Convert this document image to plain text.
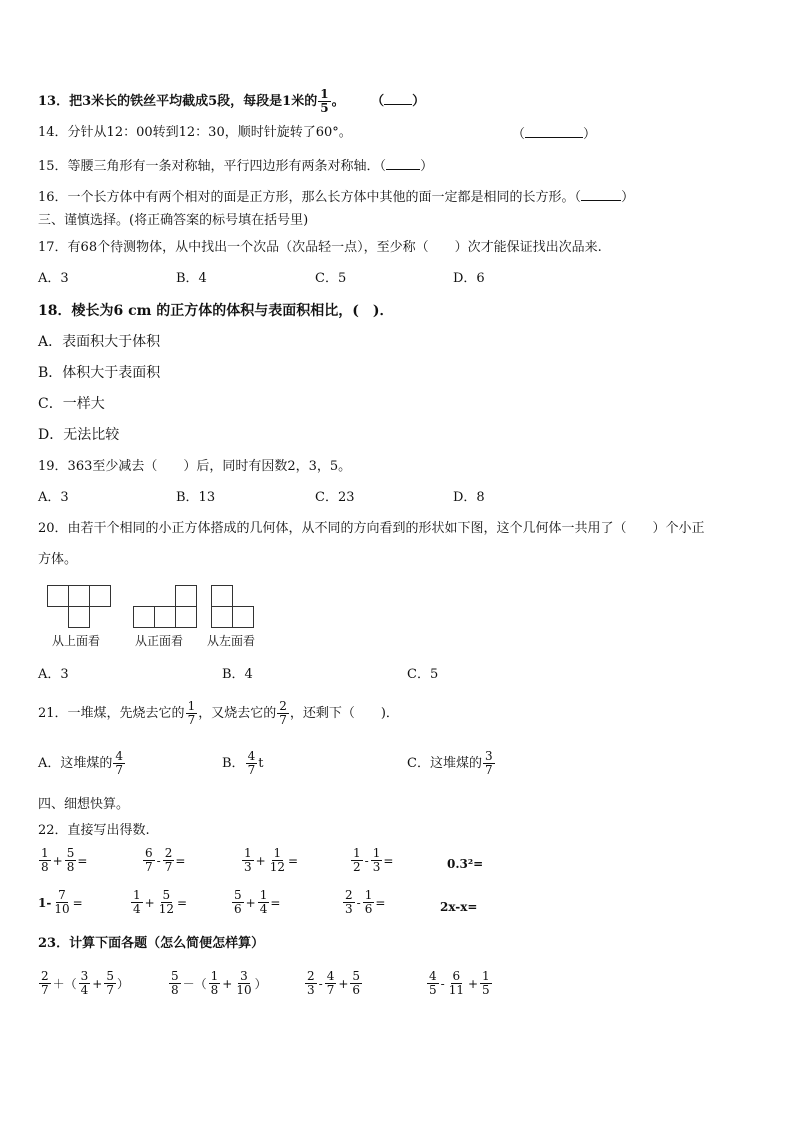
13．把3米长的铁丝平均截成5段，每段是1米的 $\frac{1}{5}$ 。 （ ）
14．分针从12：00转到12：30，顺时针旋转了60°。	（	）
15．等腰三角形有一条对称轴，平行四边形有两条对称轴．（	）
16．一个长方体中有两个相对的面是正方形，那么长方体中其他的面一定都是相同的长方形。（	）
三、谨慎选择。(将正确答案的标号填在括号里)
17．有68个待测物体，从中找出一个次品（次品轻一点），至少称（　　）次才能保证找出次品来.
A．3	B．4	C．5	D．6
18．棱长为6 cm 的正方体的体积与表面积相比，(　)．
A．表面积大于体积
B．体积大于表面积
C．一样大
D．无法比较
19．363至少减去（　　）后，同时有因数2，3，5。
A．3	B．13	C．23	D．8
20．由若干个相同的小正方体搭成的几何体，从不同的方向看到的形状如下图，这个几何体一共用了（　　）个小正
方体。
从上面看	从正面看 从左面看
A．3	B．4	C．5
21．一堆煤，先烧去它的 $\frac{1}{7}$ ，又烧去它的 $\frac{2}{7}$ ，还剩下（　　)．
A．这堆煤的 $\frac{4}{7}$	B． $\frac{4}{7}$ t	C．这堆煤的 $\frac{3}{7}$
四、细想快算。
22．直接写出得数.
$\frac{1}{8} + \frac{5}{8}$ =	$\frac{6}{7} - \frac{2}{7}$ =	$\frac{1}{3} + \frac{1}{12}$ =	$\frac{1}{2} - \frac{1}{3}$ =	0.3²=
$1- \frac{7}{10}$ =	$\frac{1}{4} + \frac{5}{12}$ =	$\frac{5}{6} + \frac{1}{4}$ =	$\frac{2}{3} - \frac{1}{6}$ =	2x-x=
23．计算下面各题（怎么简便怎样算）
$\frac{2}{7}$ ＋（ $\frac{3}{4} + \frac{5}{7}$ ）	$\frac{5}{8}$ －（ $\frac{1}{8} + \frac{3}{10}$ ）	$\frac{2}{3} - \frac{4}{7} + \frac{5}{6}$	$\frac{4}{5} - \frac{6}{11} + \frac{1}{5}$
